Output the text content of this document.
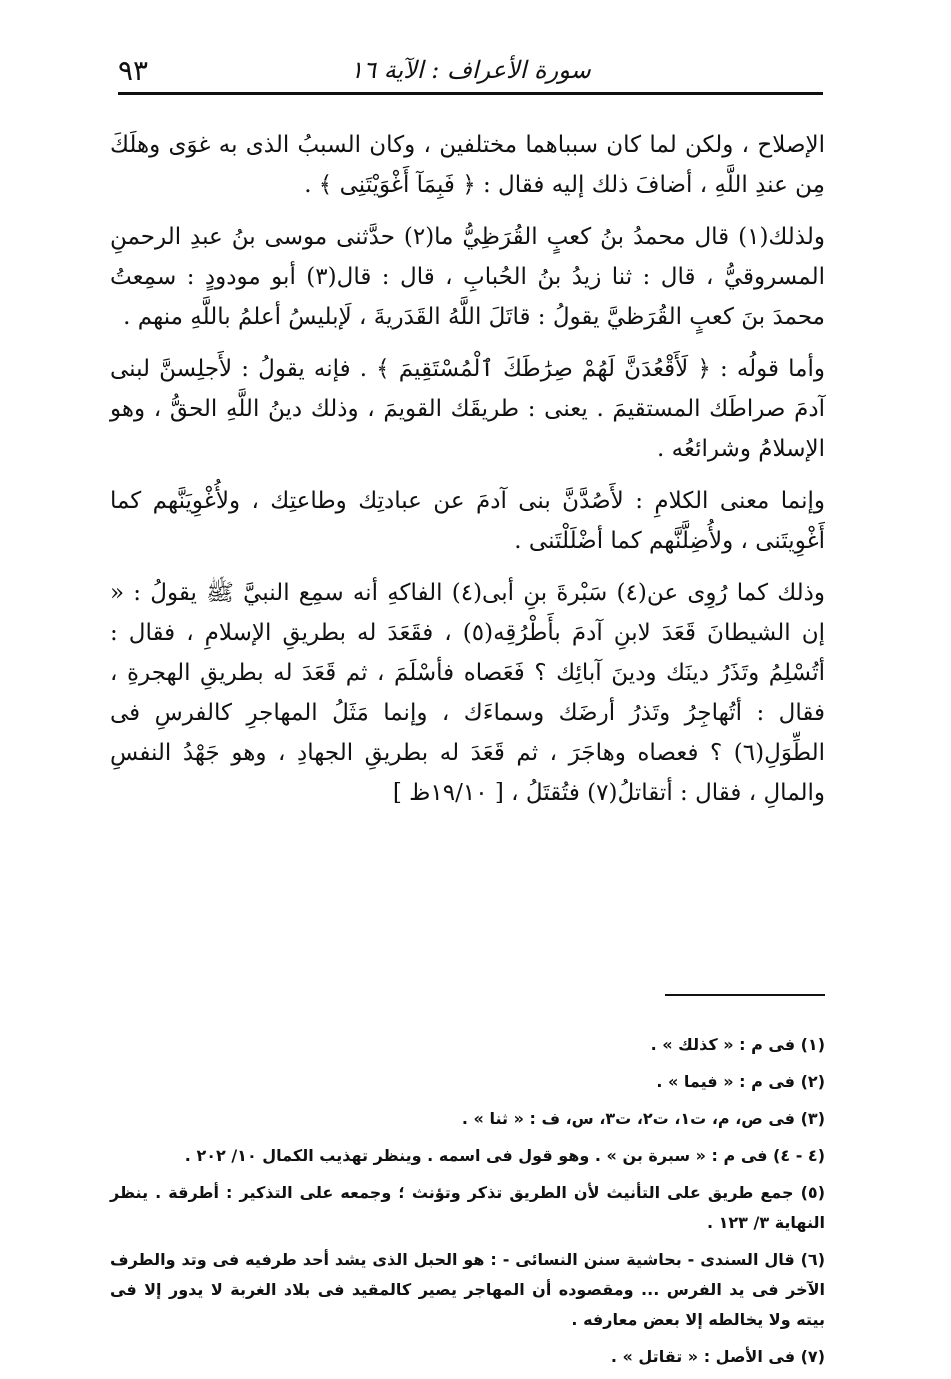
سورة الأعراف : الآية ١٦
٩٣

الإصلاح ، ولكن لما كان سبباهما مختلفين ، وكان السببُ الذى به غوَى وهلَكَ مِن عندِ اللَّهِ ، أضافَ ذلك إليه فقال : ﴿ فَبِمَآ أَغْوَيْتَنِى ﴾ .

ولذلك(١) قال محمدُ بنُ كعبٍ القُرَظِيُّ ما(٢) حدَّثنى موسى بنُ عبدِ الرحمنِ المسروقيُّ ، قال : ثنا زيدُ بنُ الحُبابِ ، قال : قال(٣) أبو مودودٍ : سمِعتُ محمدَ بنَ كعبٍ القُرَظيَّ يقولُ : قاتَلَ اللَّهُ القَدَريةَ ، لَإبليسُ أعلمُ باللَّهِ منهم .

وأما قولُه : ﴿ لَأَقْعُدَنَّ لَهُمْ صِرَٰطَكَ ٱلْمُسْتَقِيمَ ﴾ . فإنه يقولُ : لأَجلِسنَّ لبنى آدمَ صراطَك المستقيمَ . يعنى : طريقَك القويمَ ، وذلك دينُ اللَّهِ الحقُّ ، وهو الإسلامُ وشرائعُه .

وإنما معنى الكلامِ : لأَصُدَّنَّ بنى آدمَ عن عبادتِك وطاعتِك ، ولأُغْوِيَنَّهم كما أَغْوِيتَنى ، ولأُضِلَّنَّهم كما أضْلَلْتَنى .

وذلك كما رُوِى عن(٤) سَبْرةَ بنِ أبى(٤) الفاكهِ أنه سمِع النبيَّ ﷺ يقولُ : « إن الشيطانَ قَعَدَ لابنِ آدمَ بأَطْرُقِه(٥) ، فقَعَدَ له بطريقِ الإسلامِ ، فقال : أتُسْلِمُ وتَذَرُ دينَك ودينَ آبائِك ؟ فَعَصاه فأسْلَمَ ، ثم قَعَدَ له بطريقِ الهجرةِ ، فقال : أتُهاجِرُ وتَذرُ أرضَك وسماءَك ، وإنما مَثَلُ المهاجرِ كالفرسِ فى الطِّوَلِ(٦) ؟ فعصاه وهاجَرَ ، ثم قَعَدَ له بطريقِ الجهادِ ، وهو جَهْدُ النفسِ والمالِ ، فقال : أتقاتلُ(٧) فتُقتَلُ ، [ ١٩/١٠ظ ]

(١) فى م : « كذلك » .

(٢) فى م : « فيما » .

(٣) فى ص، م، ت١، ت٢، ت٣، س، ف : « ثنا » .

(٤ - ٤) فى م : « سبرة بن » . وهو قول فى اسمه . وينظر تهذيب الكمال ١٠/ ٢٠٢ .

(٥) جمع طريق على التأنيث لأن الطريق تذكر وتؤنث ؛ وجمعه على التذكير : أطرقة . ينظر النهاية ٣/ ١٢٣ .

(٦) قال السندى - بحاشية سنن النسائى - : هو الحبل الذى يشد أحد طرفيه فى وتد والطرف الآخر فى يد الفرس ... ومقصوده أن المهاجر يصير كالمقيد فى بلاد الغربة لا يدور إلا فى بيته ولا يخالطه إلا بعض معارفه .

(٧) فى الأصل : « تقاتل » .
